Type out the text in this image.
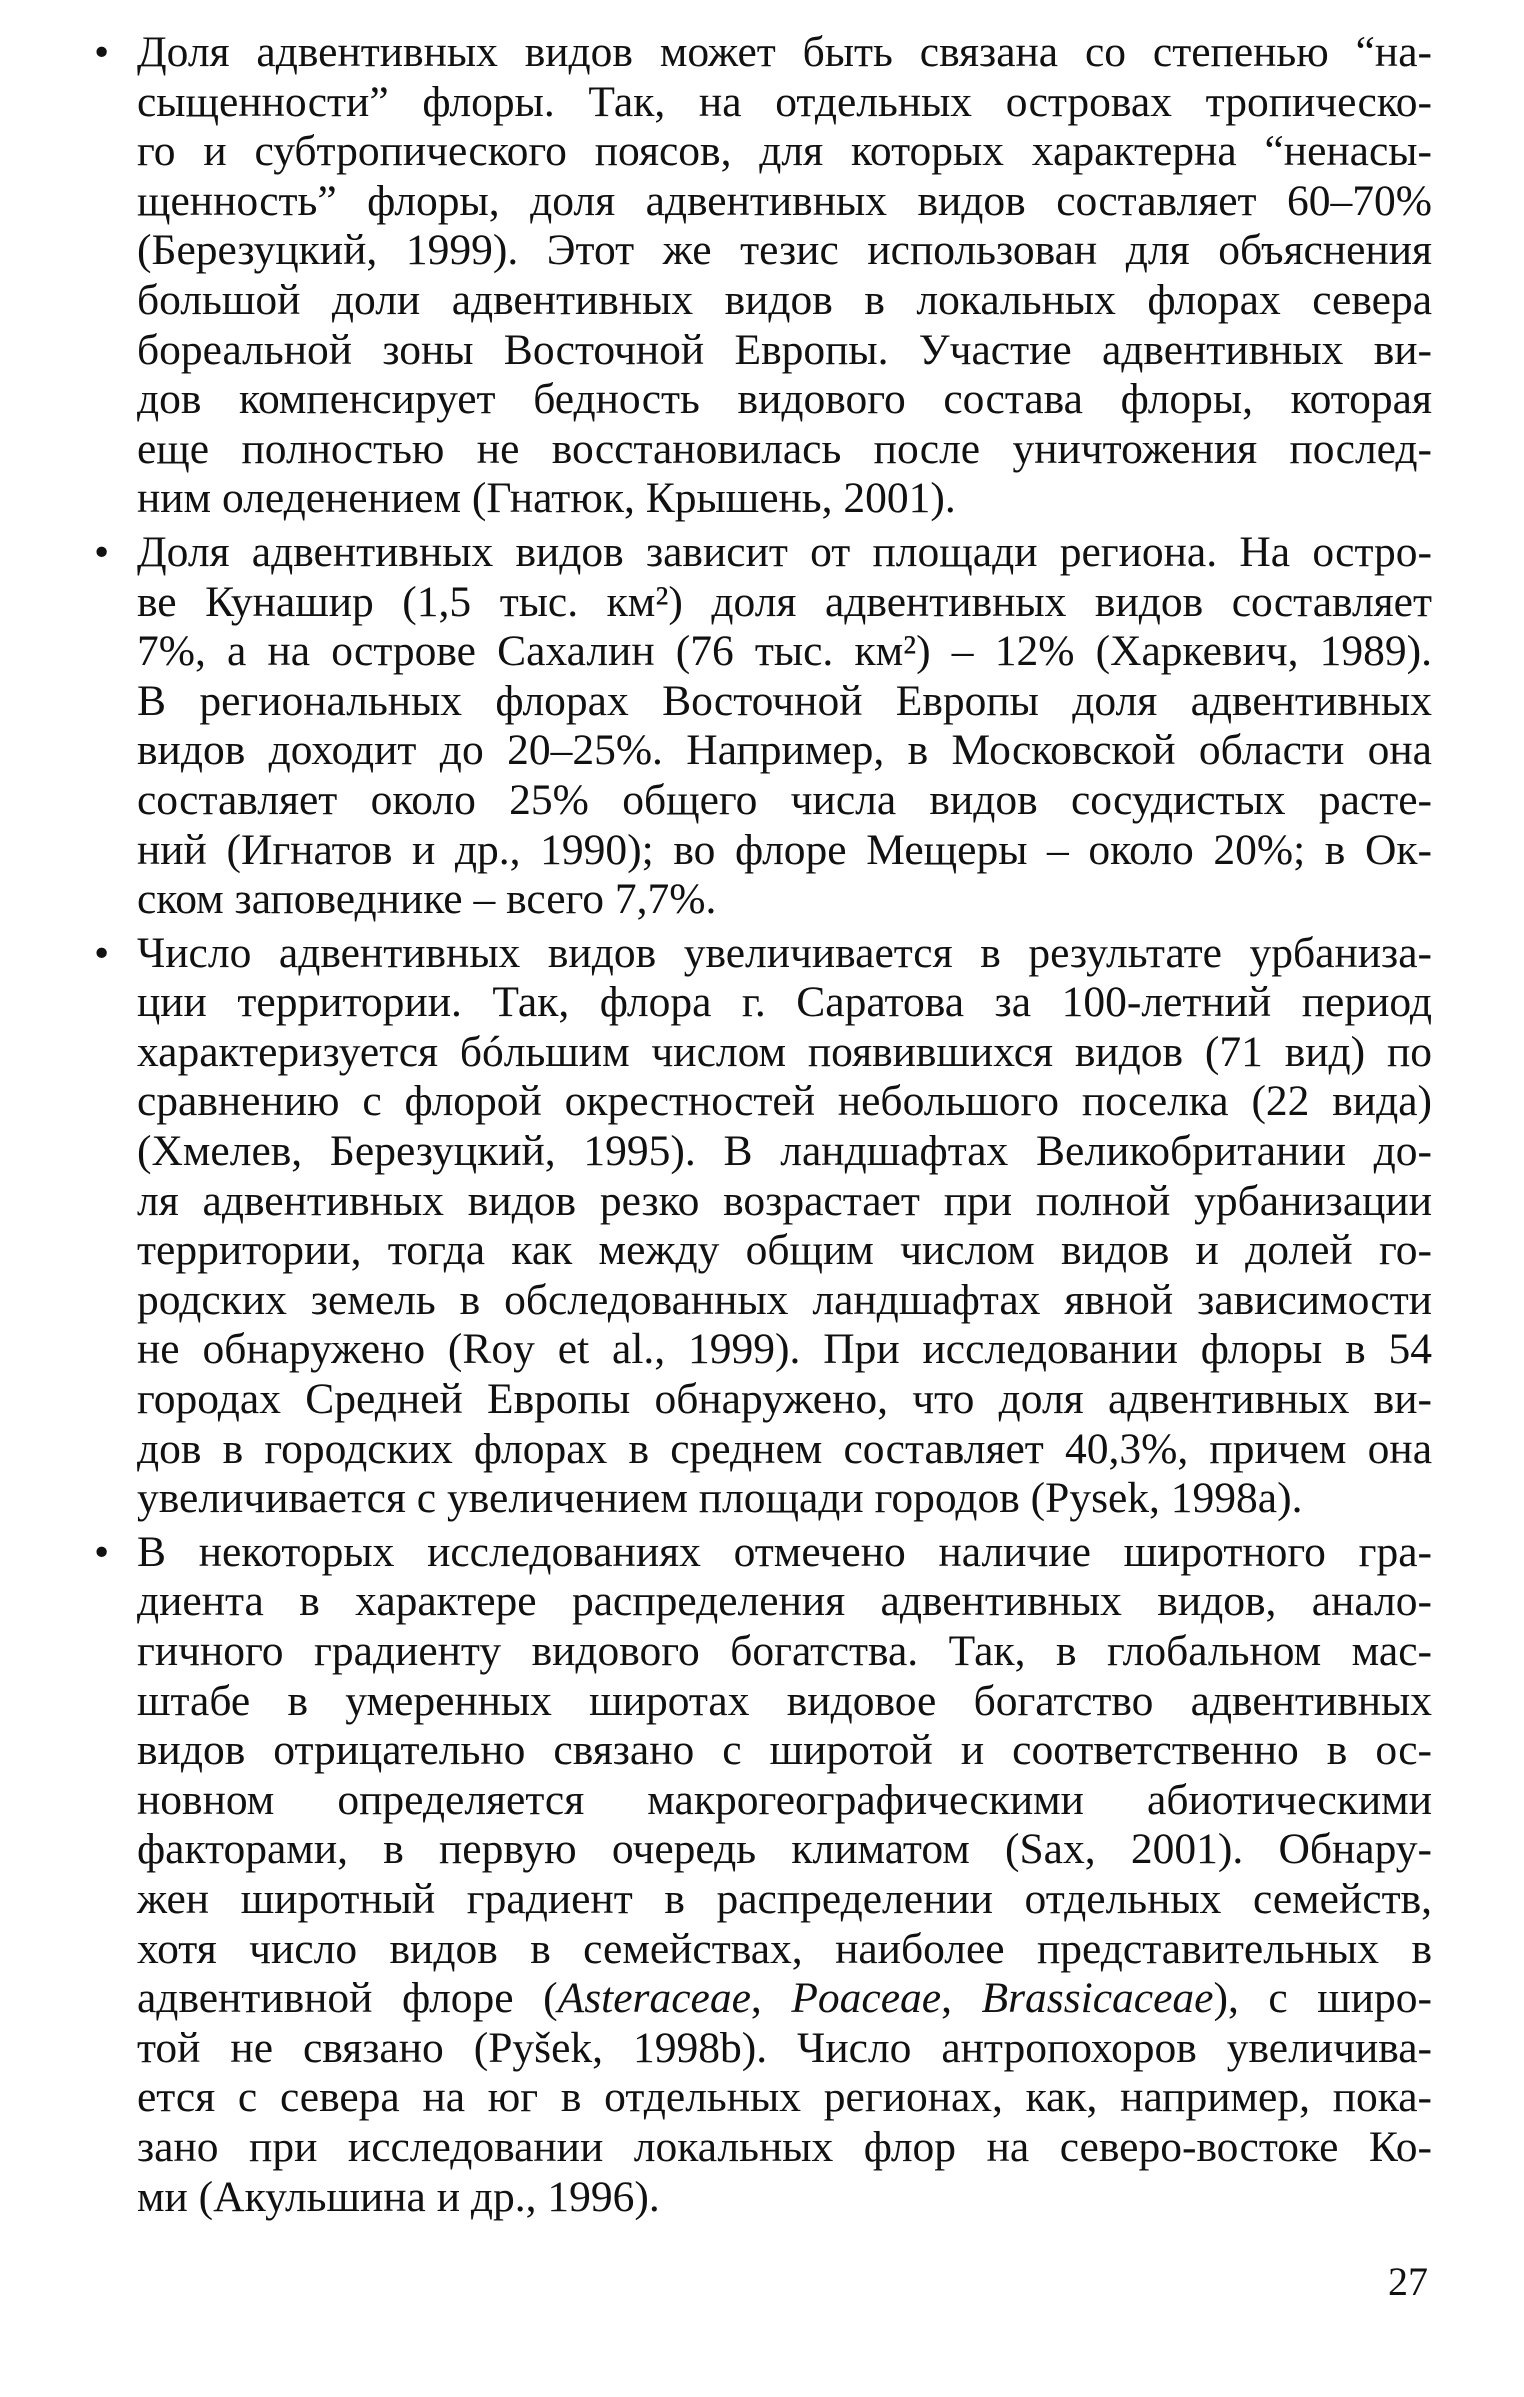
• Доля адвентивных видов может быть связана со степенью “на-
сыщенности” флоры. Так, на отдельных островах тропическо-
го и субтропического поясов, для которых характерна “ненасы-
щенность” флоры, доля адвентивных видов составляет 60–70%
(Березуцкий, 1999). Этот же тезис использован для объяснения
большой доли адвентивных видов в локальных флорах севера
бореальной зоны Восточной Европы. Участие адвентивных ви-
дов компенсирует бедность видового состава флоры, которая
еще полностью не восстановилась после уничтожения послед-
ним оледенением (Гнатюк, Крышень, 2001).
• Доля адвентивных видов зависит от площади региона. На остро-
ве Кунашир (1,5 тыс. км²) доля адвентивных видов составляет
7%, а на острове Сахалин (76 тыс. км²) – 12% (Харкевич, 1989).
В региональных флорах Восточной Европы доля адвентивных
видов доходит до 20–25%. Например, в Московской области она
составляет около 25% общего числа видов сосудистых расте-
ний (Игнатов и др., 1990); во флоре Мещеры – около 20%; в Ок-
ском заповеднике – всего 7,7%.
• Число адвентивных видов увеличивается в результате урбаниза-
ции территории. Так, флора г. Саратова за 100-летний период
характеризуется бóльшим числом появившихся видов (71 вид) по
сравнению с флорой окрестностей небольшого поселка (22 вида)
(Хмелев, Березуцкий, 1995). В ландшафтах Великобритании до-
ля адвентивных видов резко возрастает при полной урбанизации
территории, тогда как между общим числом видов и долей го-
родских земель в обследованных ландшафтах явной зависимости
не обнаружено (Roy et al., 1999). При исследовании флоры в 54
городах Средней Европы обнаружено, что доля адвентивных ви-
дов в городских флорах в среднем составляет 40,3%, причем она
увеличивается с увеличением площади городов (Pysek, 1998a).
• В некоторых исследованиях отмечено наличие широтного гра-
диента в характере распределения адвентивных видов, анало-
гичного градиенту видового богатства. Так, в глобальном мас-
штабе в умеренных широтах видовое богатство адвентивных
видов отрицательно связано с широтой и соответственно в ос-
новном определяется макрогеографическими абиотическими
факторами, в первую очередь климатом (Sax, 2001). Обнару-
жен широтный градиент в распределении отдельных семейств,
хотя число видов в семействах, наиболее представительных в
адвентивной флоре (Asteraceae, Poaceae, Brassicaceae), с широ-
той не связано (Pyšek, 1998b). Число антропохоров увеличива-
ется с севера на юг в отдельных регионах, как, например, пока-
зано при исследовании локальных флор на северо-востоке Ко-
ми (Акульшина и др., 1996).
27
